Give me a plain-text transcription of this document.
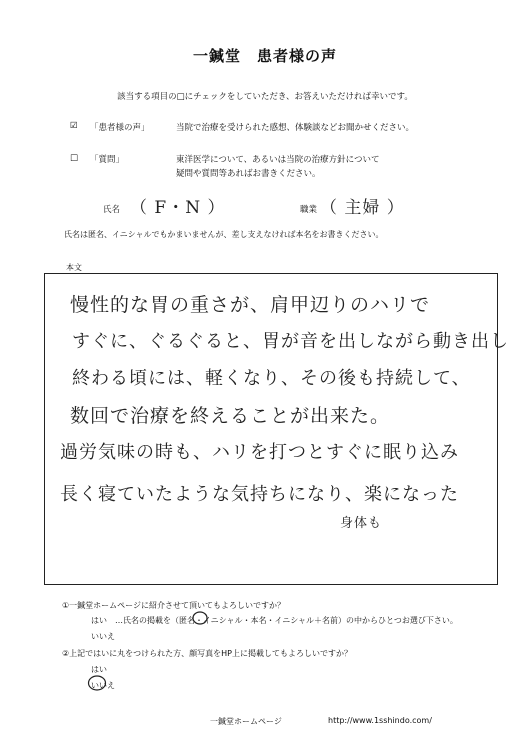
一鍼堂　患者様の声
該当する項目の□にチェックをしていただき、お答えいただければ幸いです。
☑ 「患者様の声」	当院で治療を受けられた感想、体験談などお聞かせください。
□ 「質問」	東洋医学について、あるいは当院の治療方針について
疑問や質問等あればお書きください。
氏名 （ F・N ）	職業 （ 主婦 ）
氏名は匿名、イニシャルでもかまいませんが、差し支えなければ本名をお書きください。
本文
慢性的な胃の重さが、肩甲辺りのハリで
すぐに、ぐるぐると、胃が音を出しながら動き出し
終わる頃には、軽くなり、その後も持続して、
数回で治療を終えることが出来た。
過労気味の時も、ハリを打つとすぐに眠り込み
長く寝ていたような気持ちになり、楽になった
身体も
①一鍼堂ホームページに紹介させて頂いてもよろしいですか？
はい　…氏名の掲載を（匿名・イニシャル・本名・イニシャル＋名前）の中からひとつお選び下さい。
いいえ
②上記ではいに丸をつけられた方、顔写真をHP上に掲載してもよろしいですか？
はい
いいえ
一鍼堂ホームページ	http://www.1sshindo.com/
